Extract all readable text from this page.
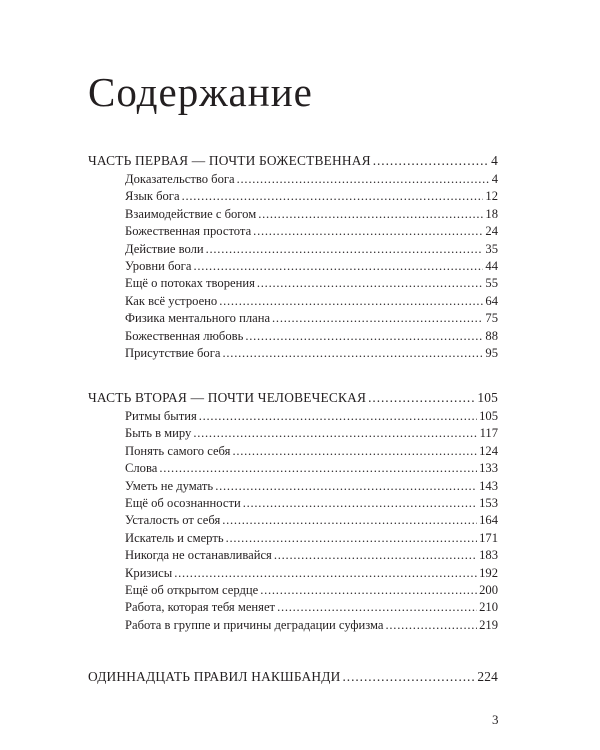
Содержание
ЧАСТЬ ПЕРВАЯ — ПОЧТИ БОЖЕСТВЕННАЯ . . .	4
Доказательство бога . . .	4
Язык бога . . .	12
Взаимодействие с богом . . .	18
Божественная простота . . .	24
Действие воли . . .	35
Уровни бога . . .	44
Ещё о потоках творения . . .	55
Как всё устроено . . .	64
Физика ментального плана . . .	75
Божественная любовь . . .	88
Присутствие бога . . .	95
ЧАСТЬ ВТОРАЯ — ПОЧТИ ЧЕЛОВЕЧЕСКАЯ . . .	105
Ритмы бытия . . .	105
Быть в миру . . .	117
Понять самого себя . . .	124
Слова . . .	133
Уметь не думать . . .	143
Ещё об осознанности . . .	153
Усталость от себя . . .	164
Искатель и смерть . . .	171
Никогда не останавливайся . . .	183
Кризисы . . .	192
Ещё об открытом сердце . . .	200
Работа, которая тебя меняет . . .	210
Работа в группе и причины деградации суфизма . . .	219
ОДИННАДЦАТЬ ПРАВИЛ НАКШБАНДИ . . .	224
3
